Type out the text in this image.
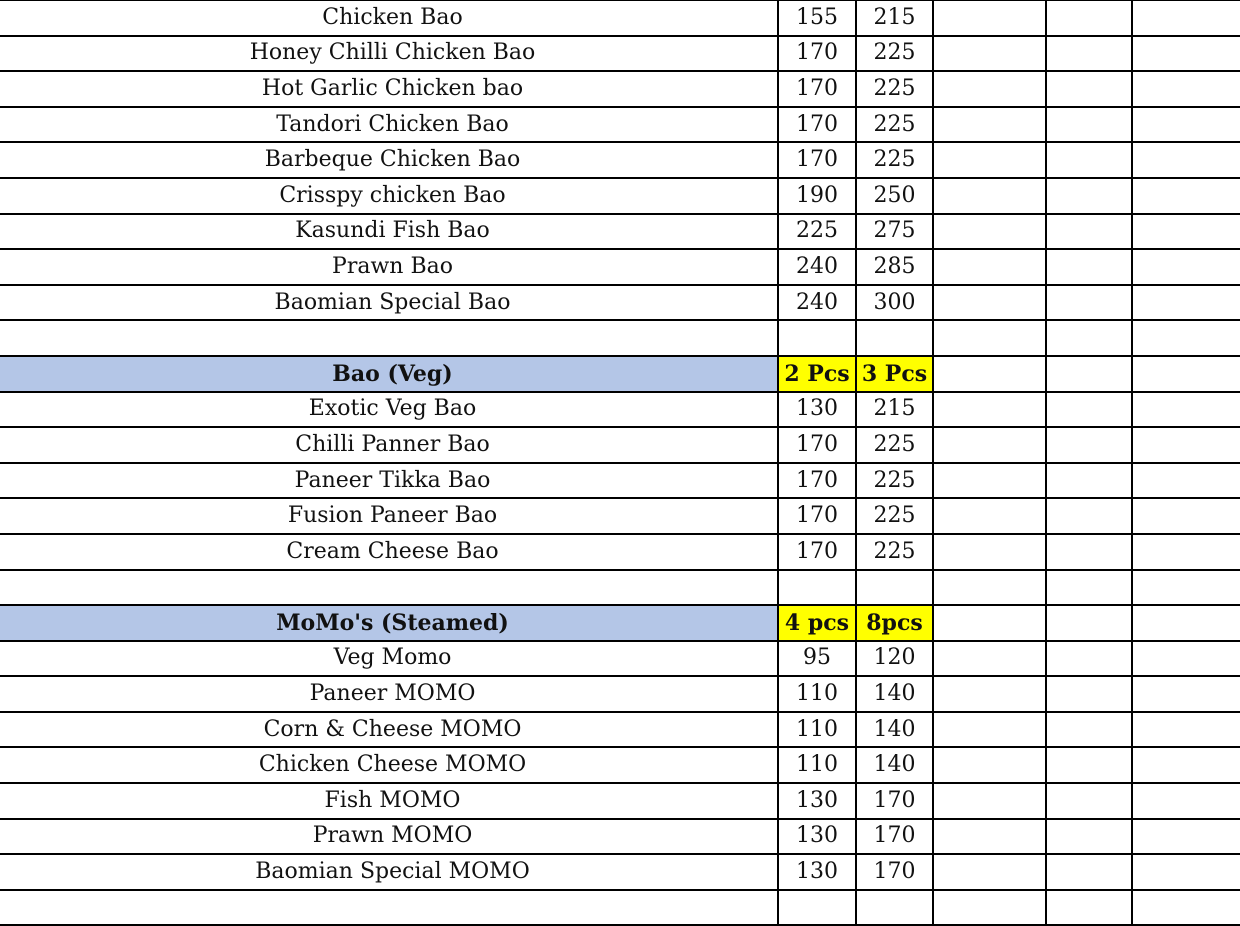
Chicken Bao	155	215			
Honey Chilli Chicken Bao	170	225			
Hot Garlic Chicken bao	170	225			
Tandori Chicken Bao	170	225			
Barbeque Chicken Bao	170	225			
Crisspy chicken Bao	190	250			
Kasundi Fish Bao	225	275			
Prawn Bao	240	285			
Baomian Special Bao	240	300			

Bao (Veg)	2 Pcs	3 Pcs			
Exotic Veg Bao	130	215			
Chilli Panner Bao	170	225			
Paneer Tikka Bao	170	225			
Fusion Paneer Bao	170	225			
Cream Cheese Bao	170	225			

MoMo's (Steamed)	4 pcs	8pcs			
Veg Momo	95	120			
Paneer MOMO	110	140			
Corn & Cheese MOMO	110	140			
Chicken Cheese MOMO	110	140			
Fish MOMO	130	170			
Prawn MOMO	130	170			
Baomian Special MOMO	130	170			
